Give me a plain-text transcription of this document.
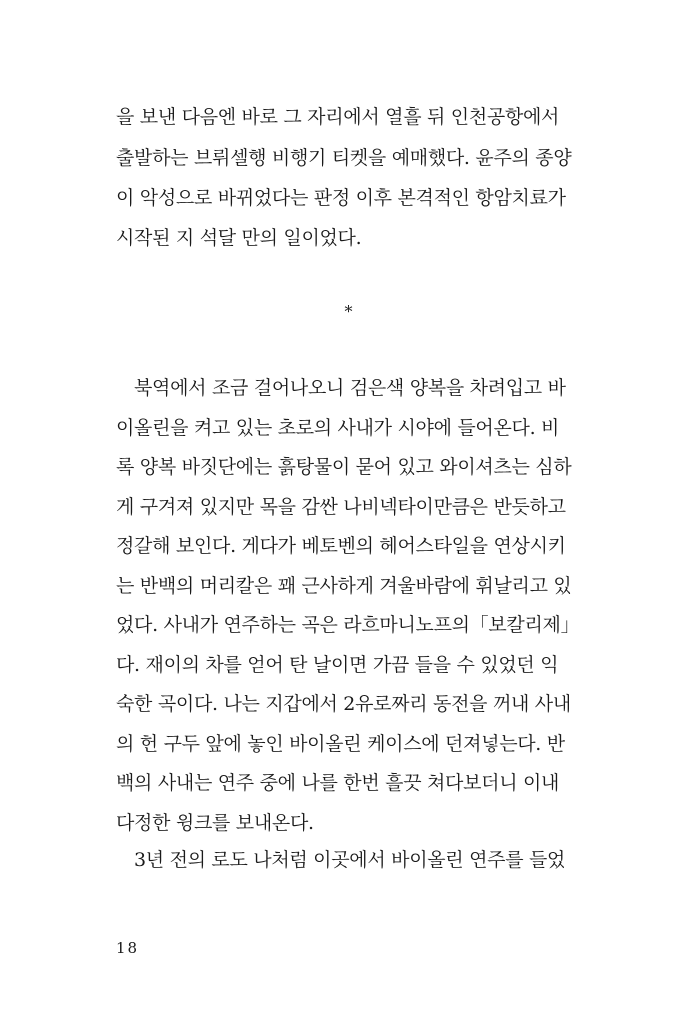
을 보낸 다음엔 바로 그 자리에서 열흘 뒤 인천공항에서
출발하는 브뤼셀행 비행기 티켓을 예매했다. 윤주의 종양
이 악성으로 바뀌었다는 판정 이후 본격적인 항암치료가
시작된 지 석달 만의 일이었다.
*
북역에서 조금 걸어나오니 검은색 양복을 차려입고 바
이올린을 켜고 있는 초로의 사내가 시야에 들어온다. 비
록 양복 바짓단에는 흙탕물이 묻어 있고 와이셔츠는 심하
게 구겨져 있지만 목을 감싼 나비넥타이만큼은 반듯하고
정갈해 보인다. 게다가 베토벤의 헤어스타일을 연상시키
는 반백의 머리칼은 꽤 근사하게 겨울바람에 휘날리고 있
었다. 사내가 연주하는 곡은 라흐마니노프의「보칼리제」
다. 재이의 차를 얻어 탄 날이면 가끔 들을 수 있었던 익
숙한 곡이다. 나는 지갑에서 2유로짜리 동전을 꺼내 사내
의 헌 구두 앞에 놓인 바이올린 케이스에 던져넣는다. 반
백의 사내는 연주 중에 나를 한번 흘끗 쳐다보더니 이내
다정한 윙크를 보내온다.
3년 전의 로도 나처럼 이곳에서 바이올린 연주를 들었
18
